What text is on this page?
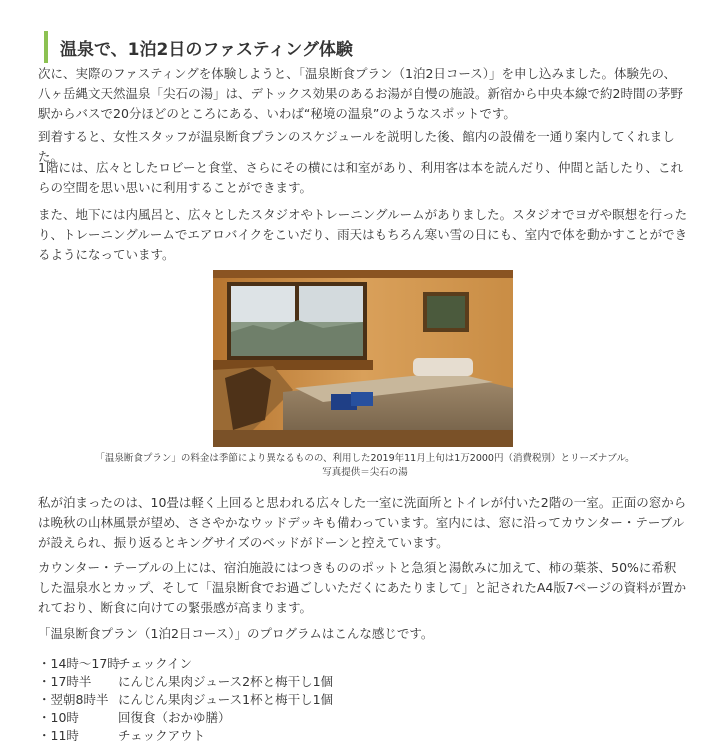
温泉で、1泊2日のファスティング体験

次に、実際のファスティングを体験しようと、「温泉断食プラン（1泊2日コース）」を申し込みました。体験先の、八ヶ岳縄文天然温泉「尖石の湯」は、デトックス効果のあるお湯が自慢の施設。新宿から中央本線で約2時間の茅野駅からバスで20分ほどのところにある、いわば“秘境の温泉”のようなスポットです。

到着すると、女性スタッフが温泉断食プランのスケジュールを説明した後、館内の設備を一通り案内してくれました。

1階には、広々としたロビーと食堂、さらにその横には和室があり、利用客は本を読んだり、仲間と話したり、これらの空間を思い思いに利用することができます。

また、地下には内風呂と、広々としたスタジオやトレーニングルームがありました。スタジオでヨガや瞑想を行ったり、トレーニングルームでエアロバイクをこいだり、雨天はもちろん寒い雪の日にも、室内で体を動かすことができるようになっています。

「温泉断食プラン」の料金は季節により異なるものの、利用した2019年11月上旬は1万2000円（消費税別）とリーズナブル。
写真提供＝尖石の湯

私が泊まったのは、10畳は軽く上回ると思われる広々した一室に洗面所とトイレが付いた2階の一室。正面の窓からは晩秋の山林風景が望め、ささやかなウッドデッキも備わっています。室内には、窓に沿ってカウンター・テーブルが設えられ、振り返るとキングサイズのベッドがドーンと控えています。

カウンター・テーブルの上には、宿泊施設にはつきもののポットと急須と湯飲みに加えて、柿の葉茶、50%に希釈した温泉水とカップ、そして「温泉断食でお過ごしいただくにあたりまして」と記されたA4版7ページの資料が置かれており、断食に向けての緊張感が高まります。

「温泉断食プラン（1泊2日コース）」のプログラムはこんな感じです。

・14時～17時チェックイン
・17時半 にんじん果肉ジュース2杯と梅干し1個
・翌朝8時半 にんじん果肉ジュース1杯と梅干し1個
・10時	回復食（おかゆ膳）
・11時	チェックアウト
